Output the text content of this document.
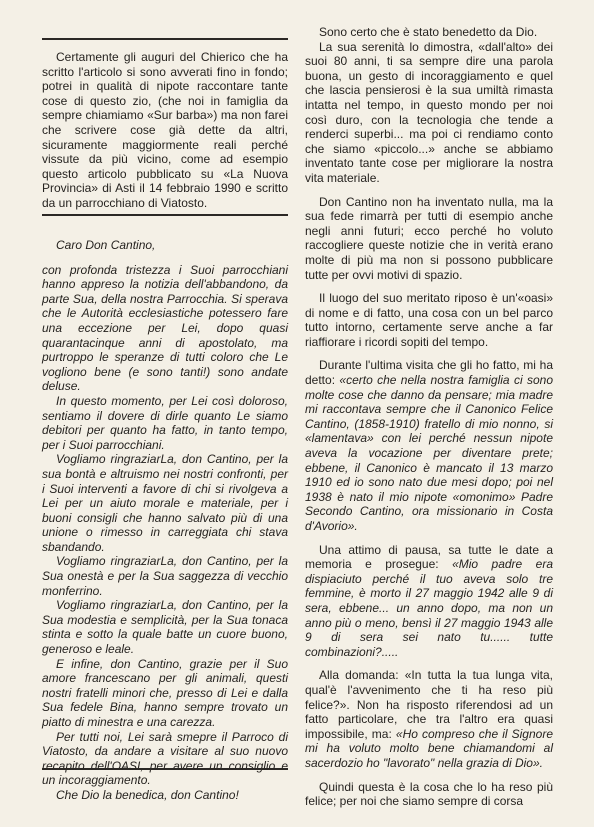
Certamente gli auguri del Chierico che ha scritto l'articolo si sono avverati fino in fondo; potrei in qualità di nipote raccontare tante cose di questo zio, (che noi in famiglia da sempre chiamiamo «Sur barba») ma non farei che scrivere cose già dette da altri, sicuramente maggiormente reali perché vissute da più vicino, come ad esempio questo articolo pubblicato su «La Nuova Provincia» di Asti il 14 febbraio 1990 e scritto da un parrocchiano di Viatosto.

Caro Don Cantino,

con profonda tristezza i Suoi parrocchiani hanno appreso la notizia dell'abbandono, da parte Sua, della nostra Parrocchia. Si sperava che le Autorità ecclesiastiche potessero fare una eccezione per Lei, dopo quasi quarantacinque anni di apostolato, ma purtroppo le speranze di tutti coloro che Le vogliono bene (e sono tanti!) sono andate deluse.

In questo momento, per Lei così doloroso, sentiamo il dovere di dirle quanto Le siamo debitori per quanto ha fatto, in tanto tempo, per i Suoi parrocchiani.

Vogliamo ringraziarLa, don Cantino, per la sua bontà e altruismo nei nostri confronti, per i Suoi interventi a favore di chi si rivolgeva a Lei per un aiuto morale e materiale, per i buoni consigli che hanno salvato più di una unione o rimesso in carreggiata chi stava sbandando.

Vogliamo ringraziarLa, don Cantino, per la Sua onestà e per la Sua saggezza di vecchio monferrino.

Vogliamo ringraziarLa, don Cantino, per la Sua modestia e semplicità, per la Sua tonaca stinta e sotto la quale batte un cuore buono, generoso e leale.

E infine, don Cantino, grazie per il Suo amore francescano per gli animali, questi nostri fratelli minori che, presso di Lei e dalla Sua fedele Bina, hanno sempre trovato un piatto di minestra e una carezza.

Per tutti noi, Lei sarà smepre il Parroco di Viatosto, da andare a visitare al suo nuovo recapito dell'OASI, per avere un consiglio e un incoraggiamento.

Che Dio la benedica, don Cantino!

Sono certo che è stato benedetto da Dio.

La sua serenità lo dimostra, «dall'alto» dei suoi 80 anni, ti sa sempre dire una parola buona, un gesto di incoraggiamento e quel che lascia pensierosi è la sua umiltà rimasta intatta nel tempo, in questo mondo per noi così duro, con la tecnologia che tende a renderci superbi... ma poi ci rendiamo conto che siamo «piccolo...» anche se abbiamo inventato tante cose per migliorare la nostra vita materiale.

Don Cantino non ha inventato nulla, ma la sua fede rimarrà per tutti di esempio anche negli anni futuri; ecco perché ho voluto raccogliere queste notizie che in verità erano molte di più ma non si possono pubblicare tutte per ovvi motivi di spazio.

Il luogo del suo meritato riposo è un'«oasi» di nome e di fatto, una cosa con un bel parco tutto intorno, certamente serve anche a far riaffiorare i ricordi sopiti del tempo.

Durante l'ultima visita che gli ho fatto, mi ha detto: «certo che nella nostra famiglia ci sono molte cose che danno da pensare; mia madre mi raccontava sempre che il Canonico Felice Cantino, (1858-1910) fratello di mio nonno, si «lamentava» con lei perché nessun nipote aveva la vocazione per diventare prete; ebbene, il Canonico è mancato il 13 marzo 1910 ed io sono nato due mesi dopo; poi nel 1938 è nato il mio nipote «omonimo» Padre Secondo Cantino, ora missionario in Costa d'Avorio».

Una attimo di pausa, sa tutte le date a memoria e prosegue: «Mio padre era dispiaciuto perché il tuo aveva solo tre femmine, è morto il 27 maggio 1942 alle 9 di sera, ebbene... un anno dopo, ma non un anno più o meno, bensì il 27 maggio 1943 alle 9 di sera sei nato tu...... tutte combinazioni?.....

Alla domanda: «In tutta la tua lunga vita, qual'è l'avvenimento che ti ha reso più felice?». Non ha risposto riferendosi ad un fatto particolare, che tra l'altro era quasi impossibile, ma: «Ho compreso che il Signore mi ha voluto molto bene chiamandomi al sacerdozio ho "lavorato" nella grazia di Dio».

Quindi questa è la cosa che lo ha reso più felice; per noi che siamo sempre di corsa
